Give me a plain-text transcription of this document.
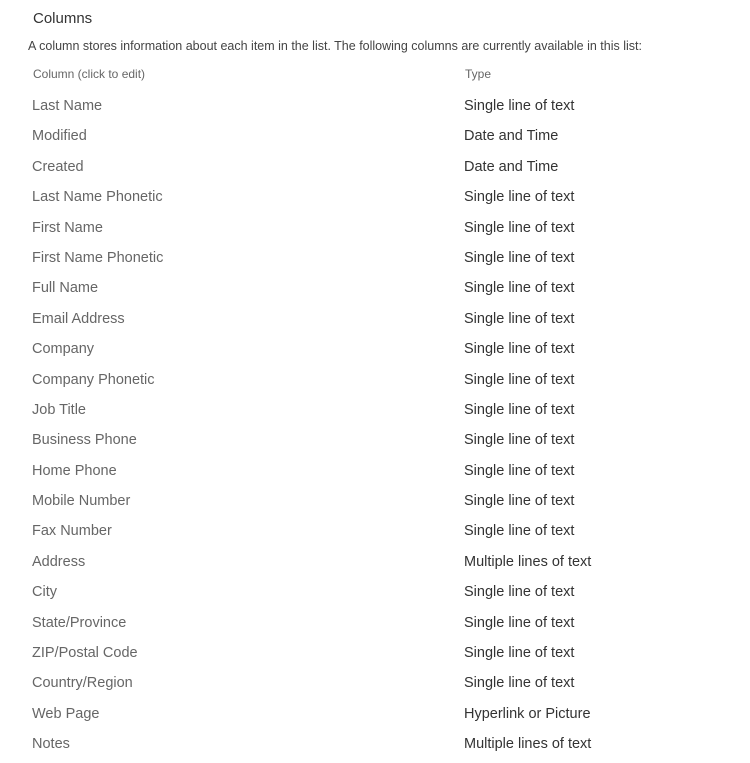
Columns
A column stores information about each item in the list. The following columns are currently available in this list:
Column (click to edit)	Type
Last Name	Single line of text
Modified	Date and Time
Created	Date and Time
Last Name Phonetic	Single line of text
First Name	Single line of text
First Name Phonetic	Single line of text
Full Name	Single line of text
Email Address	Single line of text
Company	Single line of text
Company Phonetic	Single line of text
Job Title	Single line of text
Business Phone	Single line of text
Home Phone	Single line of text
Mobile Number	Single line of text
Fax Number	Single line of text
Address	Multiple lines of text
City	Single line of text
State/Province	Single line of text
ZIP/Postal Code	Single line of text
Country/Region	Single line of text
Web Page	Hyperlink or Picture
Notes	Multiple lines of text
